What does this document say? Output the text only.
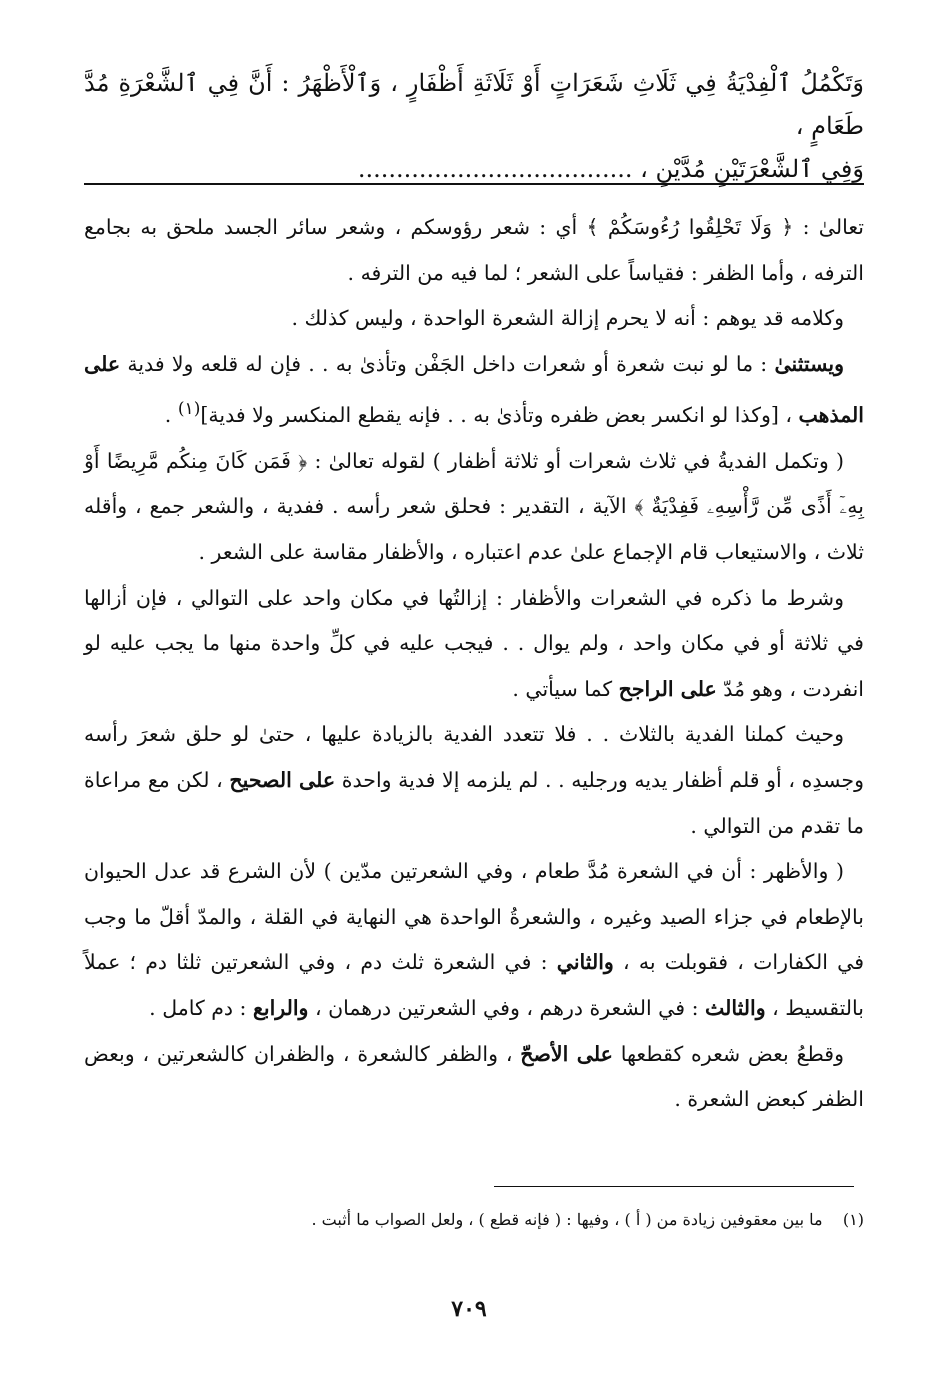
وَتَكْمُلُ ٱلْفِدْيَةُ فِي ثَلَاثِ شَعَرَاتٍ أَوْ ثَلَاثَةِ أَظْفَارٍ ، وَٱلْأَظْهَرُ : أَنَّ فِي ٱلشَّعْرَةِ مُدَّ طَعَامٍ ،
وَفِي ٱلشَّعْرَتَيْنِ مُدَّيْنِ ، ....................................

تعالىٰ : ﴿ وَلَا تَحْلِقُوا رُءُوسَكُمْ ﴾ أي : شعر رؤوسكم ، وشعر سائر الجسد ملحق به بجامع الترفه ، وأما الظفر : فقياساً على الشعر ؛ لما فيه من الترفه .

وكلامه قد يوهم : أنه لا يحرم إزالة الشعرة الواحدة ، وليس كذلك .

ويستثنىٰ : ما لو نبت شعرة أو شعرات داخل الجَفْن وتأذىٰ به . . فإن له قلعه ولا فدية على المذهب ، [وكذا لو انكسر بعض ظفره وتأذىٰ به . . فإنه يقطع المنكسر ولا فدية]$^{(١)}$ .

( وتكمل الفديةُ في ثلاث شعرات أو ثلاثة أظفار ) لقوله تعالىٰ : ﴿ فَمَن كَانَ مِنكُم مَّرِيضًا أَوْ بِهِۦٓ أَذًى مِّن رَّأْسِهِۦ فَفِدْيَةٌ ﴾ الآية ، التقدير : فحلق شعر رأسه . ففدية ، والشعر جمع ، وأقله ثلاث ، والاستيعاب قام الإجماع علىٰ عدم اعتباره ، والأظفار مقاسة على الشعر .

وشرط ما ذكره في الشعرات والأظفار : إزالتُها في مكان واحد على التوالي ، فإن أزالها في ثلاثة أو في مكان واحد ، ولم يوال . . فيجب عليه في كلِّ واحدة منها ما يجب عليه لو انفردت ، وهو مُدّ على الراجح كما سيأتي .

وحيث كملنا الفدية بالثلاث . . فلا تتعدد الفدية بالزيادة عليها ، حتىٰ لو حلق شعرَ رأسه وجسدِه ، أو قلم أظفار يديه ورجليه . . لم يلزمه إلا فدية واحدة على الصحيح ، لكن مع مراعاة ما تقدم من التوالي .

( والأظهر : أن في الشعرة مُدَّ طعام ، وفي الشعرتين مدّين ) لأن الشرع قد عدل الحيوان بالإطعام في جزاء الصيد وغيره ، والشعرةُ الواحدة هي النهاية في القلة ، والمدّ أقلّ ما وجب في الكفارات ، فقوبلت به ، والثاني : في الشعرة ثلث دم ، وفي الشعرتين ثلثا دم ؛ عملاً بالتقسيط ، والثالث : في الشعرة درهم ، وفي الشعرتين درهمان ، والرابع : دم كامل .

وقطعُ بعض شعره كقطعها على الأصحّ ، والظفر كالشعرة ، والظفران كالشعرتين ، وبعض الظفر كبعض الشعرة .

(١)    ما بين معقوفين زيادة من ( أ ) ، وفيها : ( فإنه قطع ) ، ولعل الصواب ما أثبت .
٧٠٩
